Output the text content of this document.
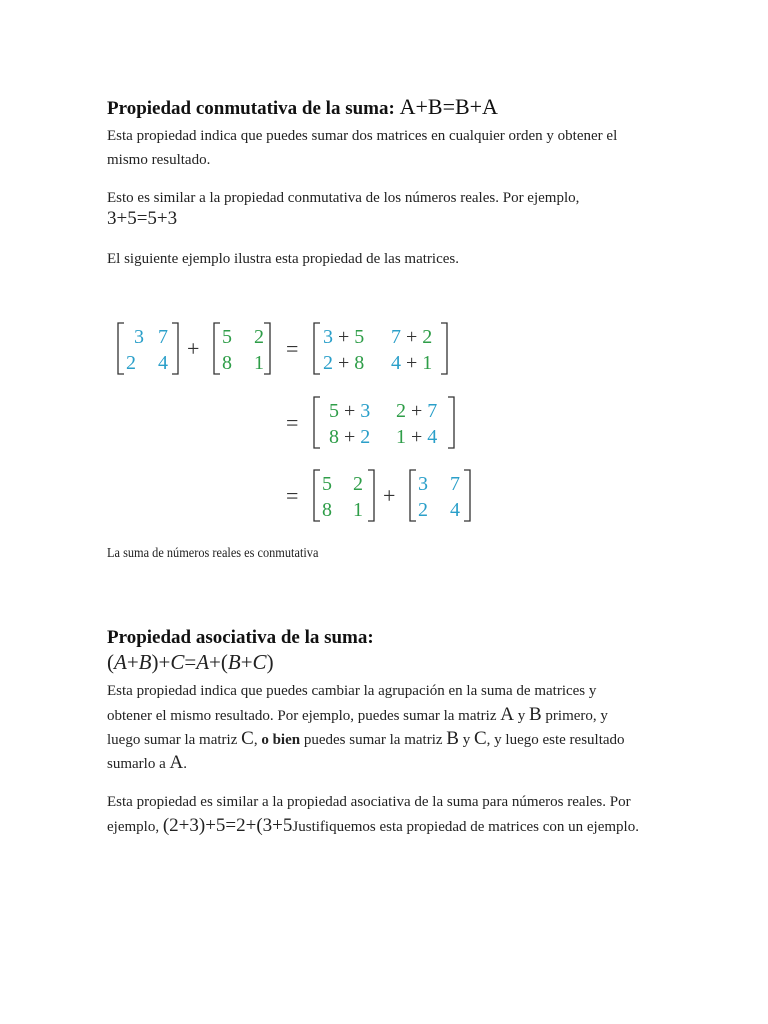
Propiedad conmutativa de la suma: A+B=B+A
Esta propiedad indica que puedes sumar dos matrices en cualquier orden y obtener el
mismo resultado.
Esto es similar a la propiedad conmutativa de los números reales. Por ejemplo,
3+5=5+3
El siguiente ejemplo ilustra esta propiedad de las matrices.
La suma de números reales es conmutativa
Propiedad asociativa de la suma:
(A+B)+C=A+(B+C)
Esta propiedad indica que puedes cambiar la agrupación en la suma de matrices y
obtener el mismo resultado. Por ejemplo, puedes sumar la matriz A y B primero, y
luego sumar la matriz C, o bien puedes sumar la matriz B y C, y luego este resultado
sumarlo a A.
Esta propiedad es similar a la propiedad asociativa de la suma para números reales. Por
ejemplo, (2+3)+5=2+(3+5Justifiquemos esta propiedad de matrices con un ejemplo.
3 7
2 4
+ 5 2
8 1
= 3 + 5 7 + 2
2 + 8 4 + 1
= 5 + 3 2 + 7
8 + 2 1 + 4
= 5 2
8 1
+ 3 7
2 4
